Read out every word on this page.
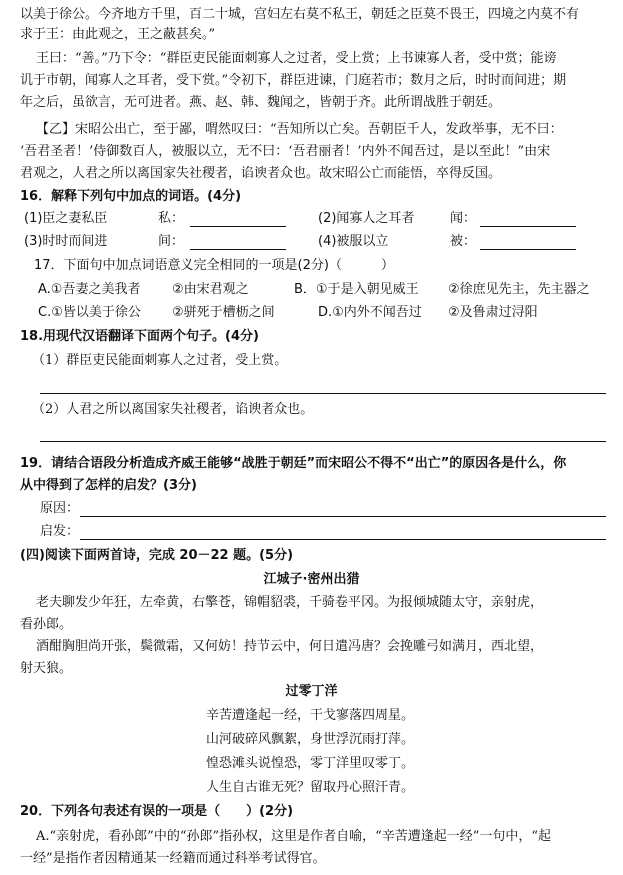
以美于徐公。今齐地方千里，百二十城，宫妇左右莫不私王，朝廷之臣莫不畏王，四境之内莫不有
求于王：由此观之，王之蔽甚矣。”
王曰：“善。”乃下令：“群臣吏民能面刺寡人之过者，受上赏；上书谏寡人者，受中赏；能谤
讥于市朝，闻寡人之耳者，受下赏。”令初下，群臣进谏，门庭若市；数月之后，时时而间进；期
年之后，虽欲言，无可进者。燕、赵、韩、魏闻之，皆朝于齐。此所谓战胜于朝廷。
【乙】宋昭公出亡，至于鄙，喟然叹曰：“吾知所以亡矣。吾朝臣千人，发政举事，无不曰：
‘吾君圣者！’侍御数百人，被服以立，无不曰：‘吾君丽者！’内外不闻吾过，是以至此！”由宋
君观之，人君之所以离国家失社稷者，谄谀者众也。故宋昭公亡而能悟，卒得反国。
16．解释下列句中加点的词语。(4分)
(1)臣之妻私臣	私：	(2)闻寡人之耳者	闻：
(3)时时而间进	间：	(4)被服以立	被：
17．下面句中加点词语意义完全相同的一项是(2分)（　　　）
A.①吾妻之美我者 ②由宋君观之	B．①于是入朝见威王 ②徐庶见先主，先主器之
C.①皆以美于徐公 ②骈死于槽枥之间	D.①内外不闻吾过 ②及鲁肃过浔阳
18.用现代汉语翻译下面两个句子。(4分)
（1）群臣吏民能面刺寡人之过者，受上赏。
（2）人君之所以离国家失社稷者，谄谀者众也。
19．请结合语段分析造成齐威王能够“战胜于朝廷”而宋昭公不得不“出亡”的原因各是什么，你
从中得到了怎样的启发？(3分)
原因：
启发：
(四)阅读下面两首诗，完成 20－22 题。(5分)
江城子·密州出猎
老夫聊发少年狂，左牵黄，右擎苍，锦帽貂裘，千骑卷平冈。为报倾城随太守，亲射虎，
看孙郎。
酒酣胸胆尚开张，鬓微霜，又何妨！持节云中，何日遣冯唐？会挽雕弓如满月，西北望，
射天狼。
过零丁洋
辛苦遭逢起一经，干戈寥落四周星。
山河破碎风飘絮，身世浮沉雨打萍。
惶恐滩头说惶恐，零丁洋里叹零丁。
人生自古谁无死？留取丹心照汗青。
20．下列各句表述有误的一项是（　　）(2分)
A.“亲射虎，看孙郎”中的“孙郎”指孙权，这里是作者自喻，“辛苦遭逢起一经”一句中，“起
一经”是指作者因精通某一经籍而通过科举考试得官。
